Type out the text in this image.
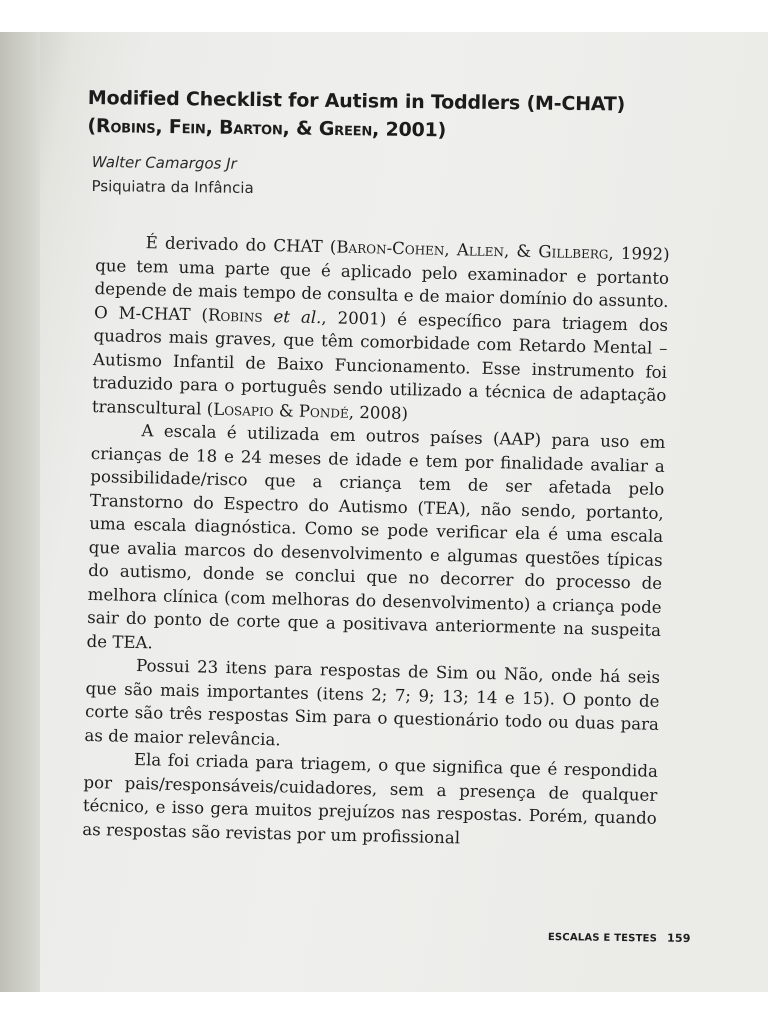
Modified Checklist for Autism in Toddlers (M-CHAT)
(Robins, Fein, Barton, & Green, 2001)
Walter Camargos Jr
Psiquiatra da Infância

É derivado do CHAT (Baron-Cohen, Allen, & Gillberg, 1992) que tem uma parte que é aplicado pelo examinador e portanto depende de mais tempo de consulta e de maior domínio do assunto. O M-CHAT (Robins et al., 2001) é específico para triagem dos quadros mais graves, que têm comorbidade com Retardo Mental – Autismo Infantil de Baixo Funcionamento. Esse instrumento foi traduzido para o português sendo utilizado a técnica de adaptação transcultural (Losapio & Pondé, 2008)

A escala é utilizada em outros países (AAP) para uso em crianças de 18 e 24 meses de idade e tem por finalidade avaliar a possibilidade/risco que a criança tem de ser afetada pelo Transtorno do Espectro do Autismo (TEA), não sendo, portanto, uma escala diagnóstica. Como se pode verificar ela é uma escala que avalia marcos do desenvolvimento e algumas questões típicas do autismo, donde se conclui que no decorrer do processo de melhora clínica (com melhoras do desenvolvimento) a criança pode sair do ponto de corte que a positivava anteriormente na suspeita de TEA.

Possui 23 itens para respostas de Sim ou Não, onde há seis que são mais importantes (itens 2; 7; 9; 13; 14 e 15). O ponto de corte são três respostas Sim para o questionário todo ou duas para as de maior relevância.

Ela foi criada para triagem, o que significa que é respondida por pais/responsáveis/cuidadores, sem a presença de qualquer técnico, e isso gera muitos prejuízos nas respostas. Porém, quando as respostas são revistas por um profissional

ESCALAS E TESTES 159
